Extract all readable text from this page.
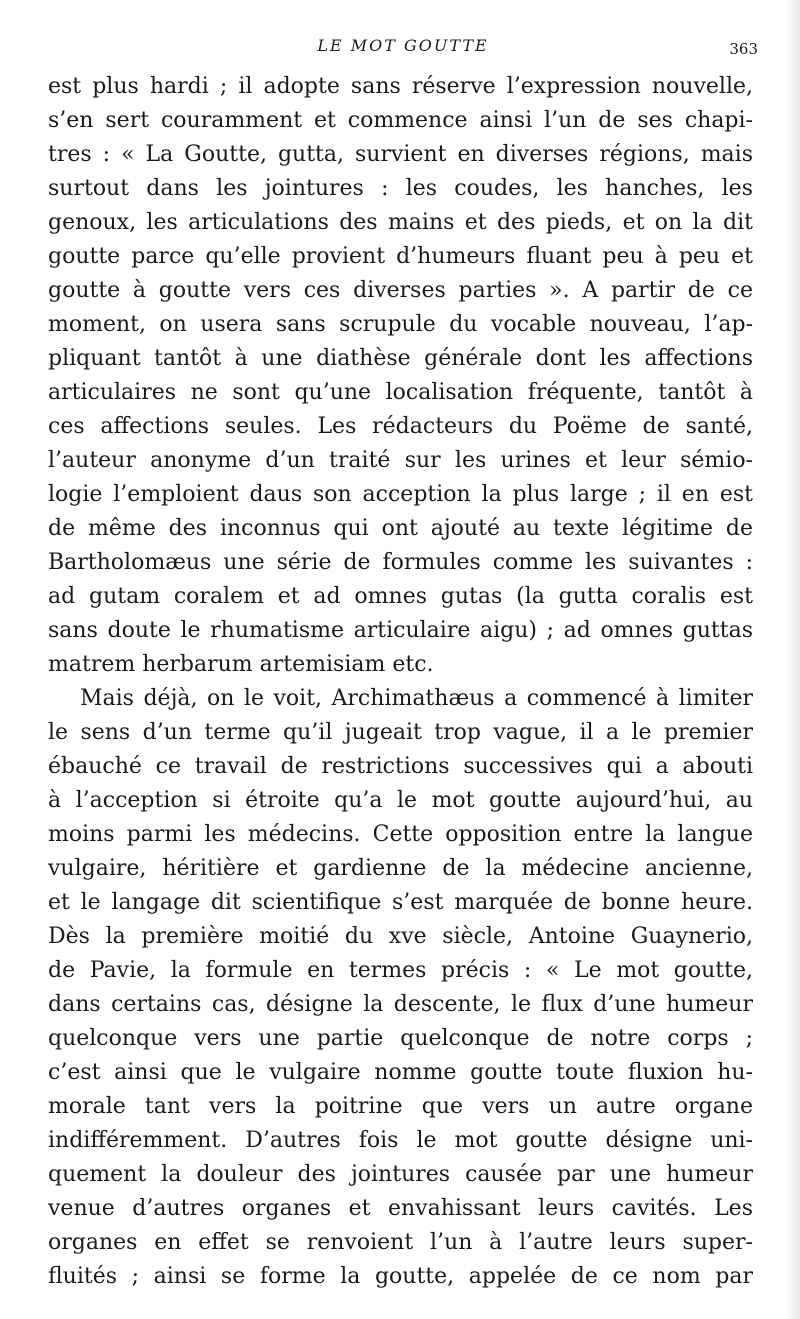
LE MOT GOUTTE	363
est plus hardi ; il adopte sans réserve l’expression nouvelle,
s’en sert couramment et commence ainsi l’un de ses chapi-
tres : « La Goutte, gutta, survient en diverses régions, mais
surtout dans les jointures : les coudes, les hanches, les
genoux, les articulations des mains et des pieds, et on la dit
goutte parce qu’elle provient d’humeurs fluant peu à peu et
goutte à goutte vers ces diverses parties ». A partir de ce
moment, on usera sans scrupule du vocable nouveau, l’ap-
pliquant tantôt à une diathèse générale dont les affections
articulaires ne sont qu’une localisation fréquente, tantôt à
ces affections seules. Les rédacteurs du Poëme de santé,
l’auteur anonyme d’un traité sur les urines et leur sémio-
logie l’emploient daus son acception la plus large ; il en est
de même des inconnus qui ont ajouté au texte légitime de
Bartholomæus une série de formules comme les suivantes :
ad gutam coralem et ad omnes gutas (la gutta coralis est
sans doute le rhumatisme articulaire aigu) ; ad omnes guttas
matrem herbarum artemisiam etc.
Mais déjà, on le voit, Archimathæus a commencé à limiter
le sens d’un terme qu’il jugeait trop vague, il a le premier
ébauché ce travail de restrictions successives qui a abouti
à l’acception si étroite qu’a le mot goutte aujourd’hui, au
moins parmi les médecins. Cette opposition entre la langue
vulgaire, héritière et gardienne de la médecine ancienne,
et le langage dit scientifique s’est marquée de bonne heure.
Dès la première moitié du xve siècle, Antoine Guaynerio,
de Pavie, la formule en termes précis : « Le mot goutte,
dans certains cas, désigne la descente, le flux d’une humeur
quelconque vers une partie quelconque de notre corps ;
c’est ainsi que le vulgaire nomme goutte toute fluxion hu-
morale tant vers la poitrine que vers un autre organe
indifféremment. D’autres fois le mot goutte désigne uni-
quement la douleur des jointures causée par une humeur
venue d’autres organes et envahissant leurs cavités. Les
organes en effet se renvoient l’un à l’autre leurs super-
fluités ; ainsi se forme la goutte, appelée de ce nom par
